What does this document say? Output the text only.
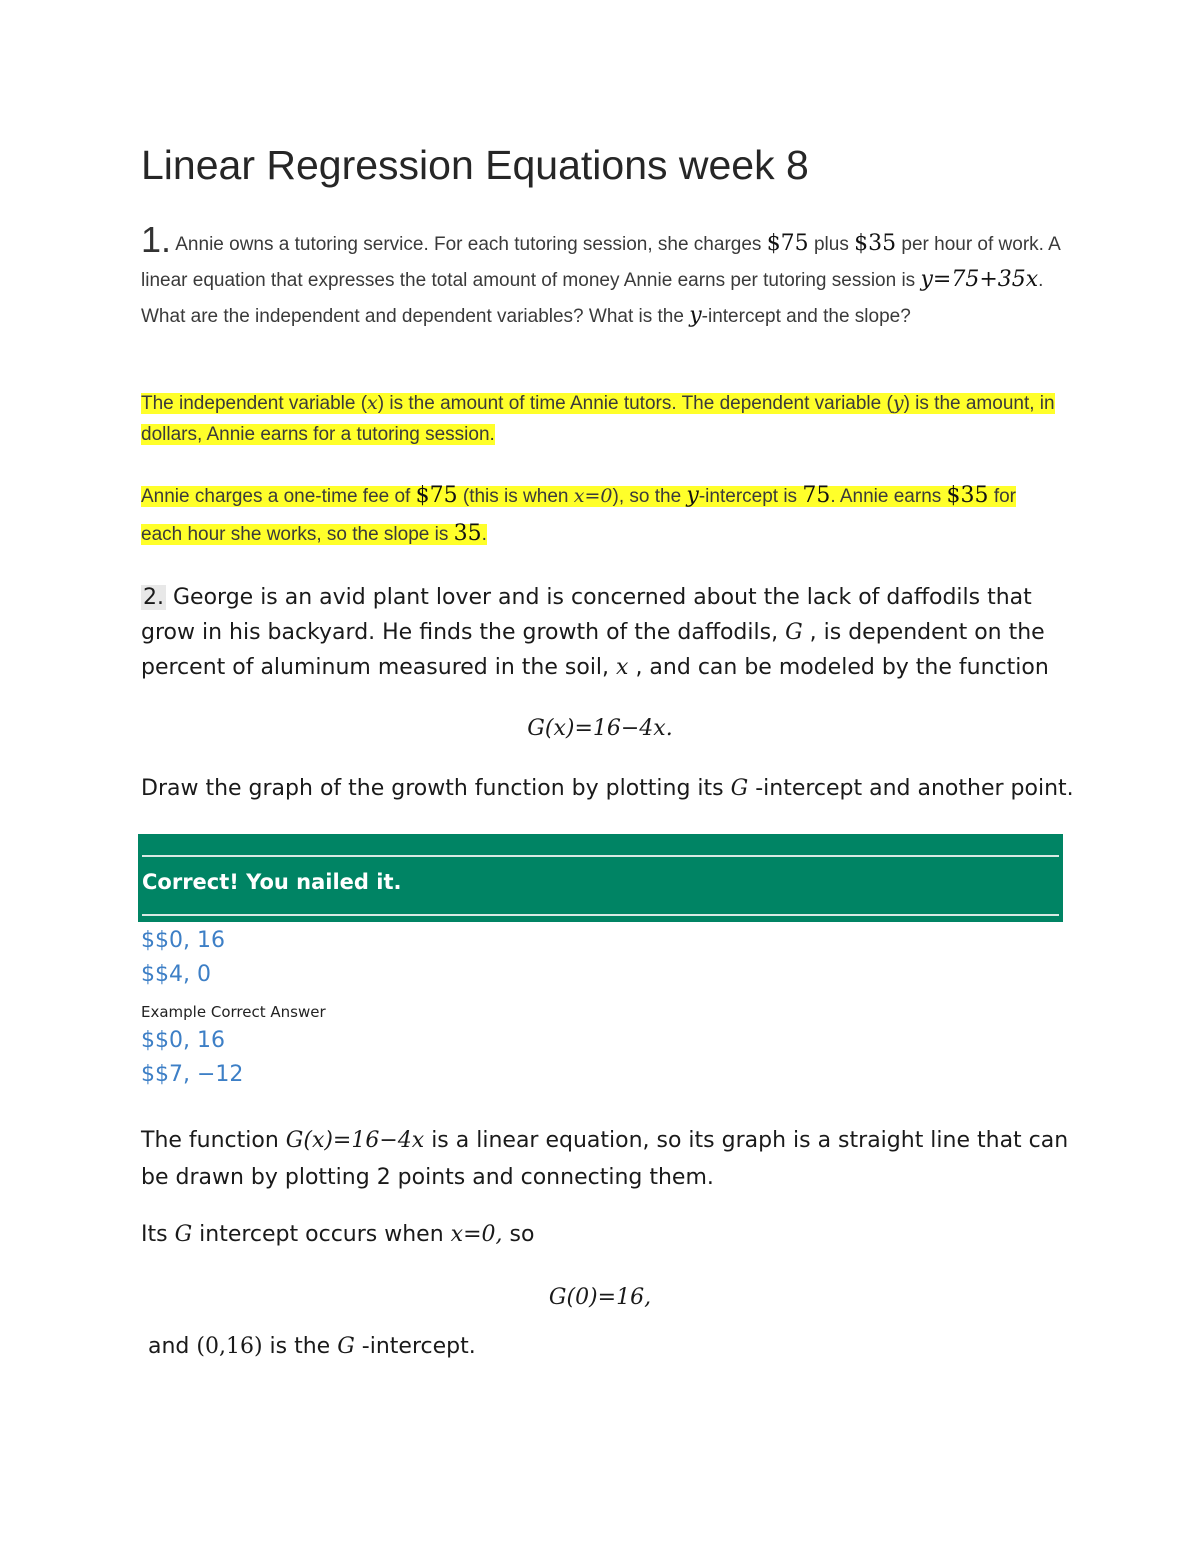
Linear Regression Equations week 8
1. Annie owns a tutoring service. For each tutoring session, she charges $75 plus $35 per hour of work. A linear equation that expresses the total amount of money Annie earns per tutoring session is y=75+35x. What are the independent and dependent variables? What is the y-intercept and the slope?
The independent variable (x) is the amount of time Annie tutors. The dependent variable (y) is the amount, in dollars, Annie earns for a tutoring session.
Annie charges a one-time fee of $75 (this is when x=0), so the y-intercept is 75. Annie earns $35 for each hour she works, so the slope is 35.
2. George is an avid plant lover and is concerned about the lack of daffodils that grow in his backyard. He finds the growth of the daffodils, G , is dependent on the percent of aluminum measured in the soil, x , and can be modeled by the function
G(x)=16−4x.
Draw the graph of the growth function by plotting its G -intercept and another point.
Correct! You nailed it.
$$0, 16
$$4, 0
Example Correct Answer
$$0, 16
$$7, −12
The function G(x)=16−4x is a linear equation, so its graph is a straight line that can be drawn by plotting 2 points and connecting them.
Its G intercept occurs when x=0, so
G(0)=16,
and (0,16) is the G -intercept.
